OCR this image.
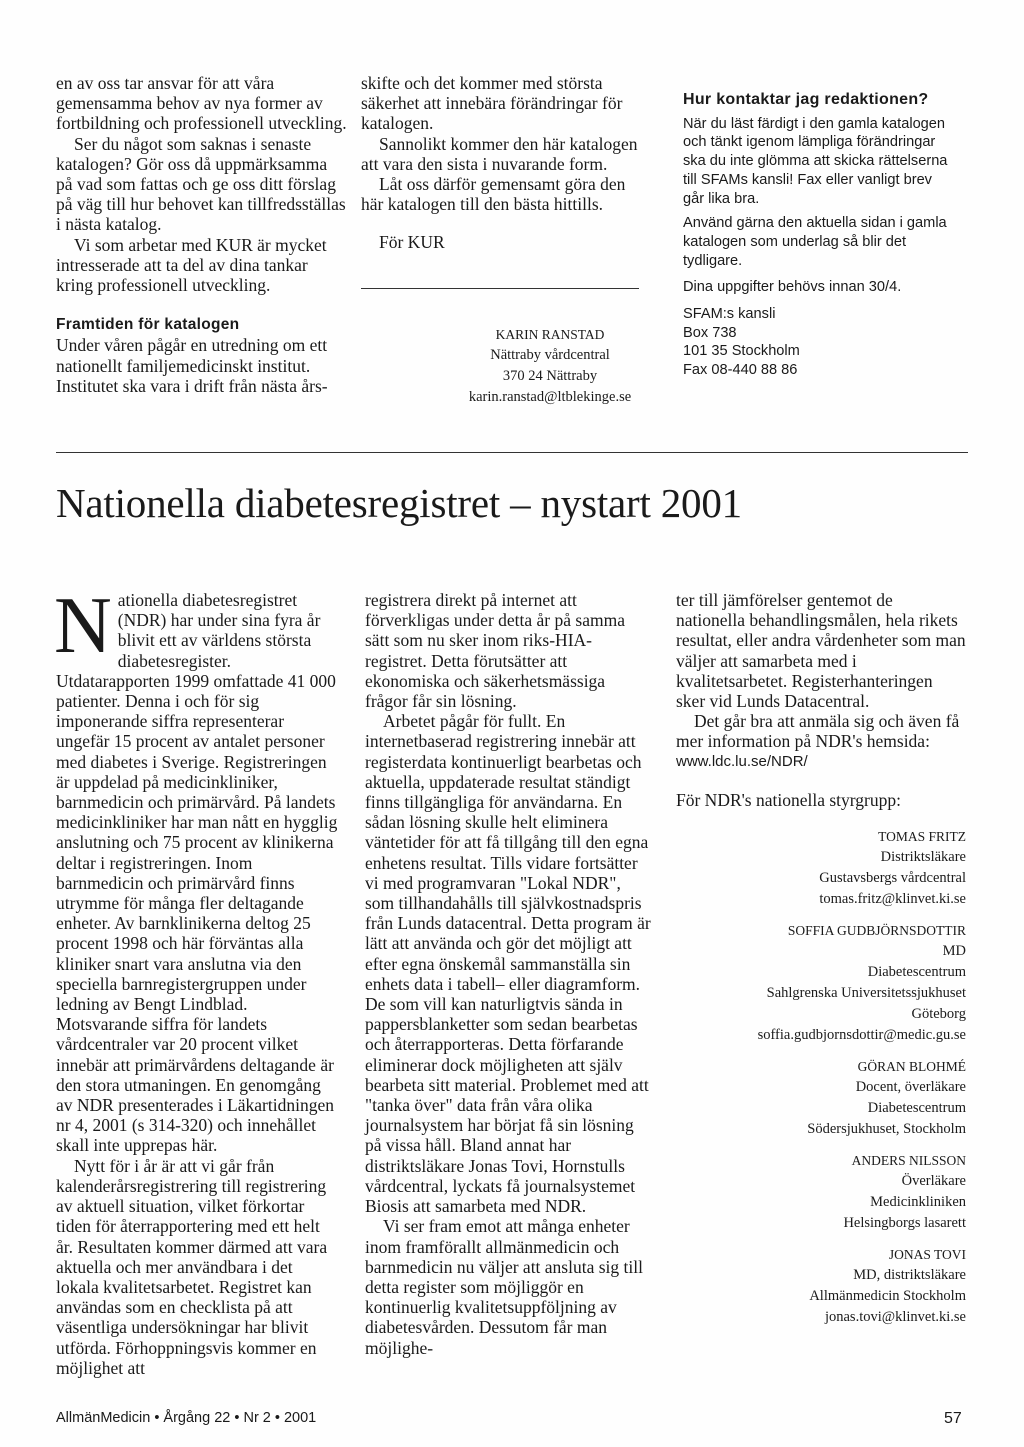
en av oss tar ansvar för att våra gemensamma behov av nya former av fortbildning och professionell utveckling.

Ser du något som saknas i senaste katalogen? Gör oss då uppmärksamma på vad som fattas och ge oss ditt förslag på väg till hur behovet kan tillfredsställas i nästa katalog.

Vi som arbetar med KUR är mycket intresserade att ta del av dina tankar kring professionell utveckling.

Framtiden för katalogen

Under våren pågår en utredning om ett nationellt familjemedicinskt institut. Institutet ska vara i drift från nästa års-

skifte och det kommer med största säkerhet att innebära förändringar för katalogen.

Sannolikt kommer den här katalogen att vara den sista i nuvarande form.

Låt oss därför gemensamt göra den här katalogen till den bästa hittills.

För KUR

KARIN RANSTAD

Nättraby vårdcentral

370 24 Nättraby

karin.ranstad@ltblekinge.se

Hur kontaktar jag redaktionen?

När du läst färdigt i den gamla katalogen och tänkt igenom lämpliga förändringar ska du inte glömma att skicka rättelserna till SFAMs kansli! Fax eller vanligt brev går lika bra.

Använd gärna den aktuella sidan i gamla katalogen som underlag så blir det tydligare.

Dina uppgifter behövs innan 30/4.

SFAM:s kansli

Box 738

101 35 Stockholm

Fax 08-440 88 86

Nationella diabetesregistret – nystart 2001

Nationella diabetesregistret (NDR) har under sina fyra år blivit ett av världens största diabetesregister. Utdatarapporten 1999 omfattade 41 000 patienter. Denna i och för sig imponerande siffra representerar ungefär 15 procent av antalet personer med diabetes i Sverige. Registreringen är uppdelad på medicinkliniker, barnmedicin och primärvård. På landets medicinkliniker har man nått en hygglig anslutning och 75 procent av klinikerna deltar i registreringen. Inom barnmedicin och primärvård finns utrymme för många fler deltagande enheter. Av barnklinikerna deltog 25 procent 1998 och här förväntas alla kliniker snart vara anslutna via den speciella barnregistergruppen under ledning av Bengt Lindblad. Motsvarande siffra för landets vårdcentraler var 20 procent vilket innebär att primärvårdens deltagande är den stora utmaningen. En genomgång av NDR presenterades i Läkartidningen nr 4, 2001 (s 314-320) och innehållet skall inte upprepas här.

Nytt för i år är att vi går från kalenderårsregistrering till registrering av aktuell situation, vilket förkortar tiden för återrapportering med ett helt år. Resultaten kommer därmed att vara aktuella och mer användbara i det lokala kvalitetsarbetet. Registret kan användas som en checklista på att väsentliga undersökningar har blivit utförda. Förhoppningsvis kommer en möjlighet att

registrera direkt på internet att förverkligas under detta år på samma sätt som nu sker inom riks-HIA-registret. Detta förutsätter att ekonomiska och säkerhetsmässiga frågor får sin lösning.

Arbetet pågår för fullt. En internetbaserad registrering innebär att registerdata kontinuerligt bearbetas och aktuella, uppdaterade resultat ständigt finns tillgängliga för användarna. En sådan lösning skulle helt eliminera väntetider för att få tillgång till den egna enhetens resultat. Tills vidare fortsätter vi med programvaran "Lokal NDR", som tillhandahålls till självkostnadspris från Lunds datacentral. Detta program är lätt att använda och gör det möjligt att efter egna önskemål sammanställa sin enhets data i tabell– eller diagramform. De som vill kan naturligtvis sända in pappersblanketter som sedan bearbetas och återrapporteras. Detta förfarande eliminerar dock möjligheten att själv bearbeta sitt material. Problemet med att "tanka över" data från våra olika journalsystem har börjat få sin lösning på vissa håll. Bland annat har distriktsläkare Jonas Tovi, Hornstulls vårdcentral, lyckats få journalsystemet Biosis att samarbeta med NDR.

Vi ser fram emot att många enheter inom framförallt allmänmedicin och barnmedicin nu väljer att ansluta sig till detta register som möjliggör en kontinuerlig kvalitetsuppföljning av diabetesvården. Dessutom får man möjlighe-

ter till jämförelser gentemot de nationella behandlingsmålen, hela rikets resultat, eller andra vårdenheter som man väljer att samarbeta med i kvalitetsarbetet. Registerhanteringen sker vid Lunds Datacentral.

Det går bra att anmäla sig och även få mer information på NDR's hemsida:

www.ldc.lu.se/NDR/

För NDR's nationella styrgrupp:

TOMAS FRITZ

Distriktsläkare

Gustavsbergs vårdcentral

tomas.fritz@klinvet.ki.se

SOFFIA GUDBJÖRNSDOTTIR

MD

Diabetescentrum

Sahlgrenska Universitetssjukhuset

Göteborg

soffia.gudbjornsdottir@medic.gu.se

GÖRAN BLOHMÉ

Docent, överläkare

Diabetescentrum

Södersjukhuset, Stockholm

ANDERS NILSSON

Överläkare

Medicinkliniken

Helsingborgs lasarett

JONAS TOVI

MD, distriktsläkare

Allmänmedicin Stockholm

jonas.tovi@klinvet.ki.se

AllmänMedicin • Årgång 22 • Nr 2 • 2001	57
